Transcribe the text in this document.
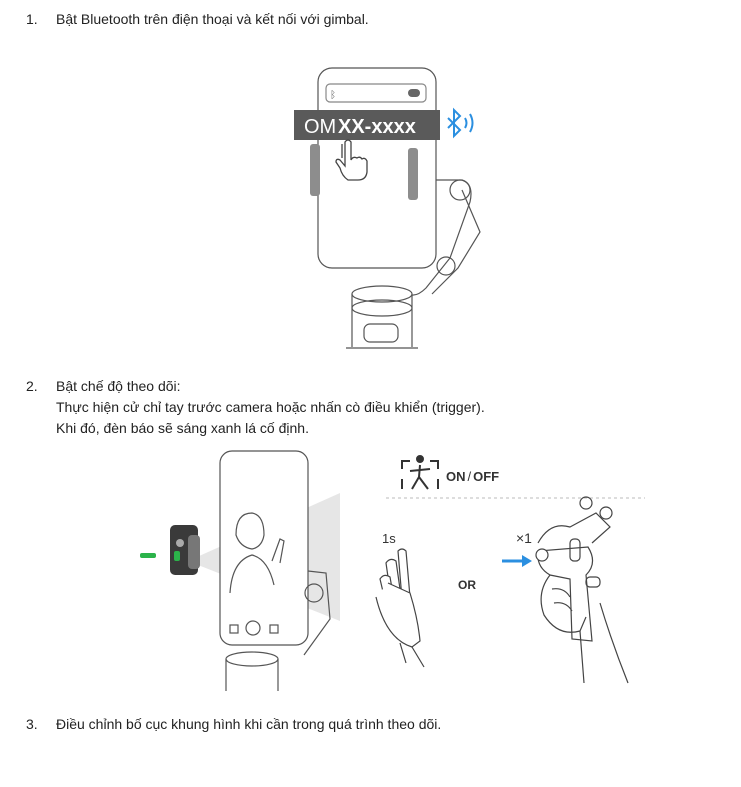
1. Bật Bluetooth trên điện thoại và kết nối với gimbal.
ᛒ
OM XX-xxxx
2. Bật chế độ theo dõi:
Thực hiện cử chỉ tay trước camera hoặc nhấn cò điều khiển (trigger).
Khi đó, đèn báo sẽ sáng xanh lá cố định.
ON / OFF
1s
OR
×1
3. Điều chỉnh bố cục khung hình khi cần trong quá trình theo dõi.
